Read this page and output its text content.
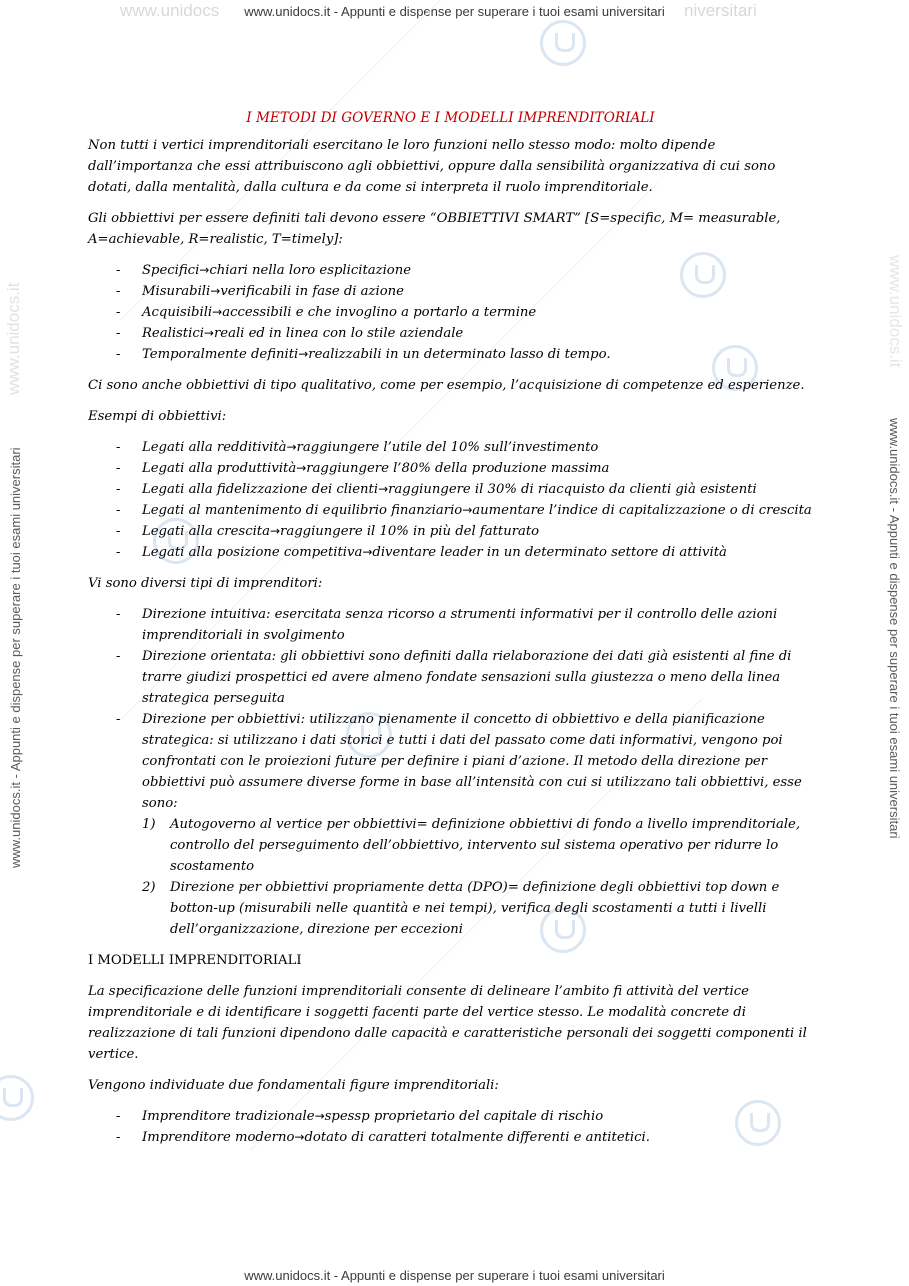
www.unidocs www.unidocs.it - Appunti e dispense per superare i tuoi esami universitari niversitari
www.unidocs.it - Appunti e dispense per superare i tuoi esami universitari
www.unidocs.it - Appunti e dispense per superare i tuoi esami universitari	www.unidocs.it - Appunti e dispense per superare i tuoi esami universitari
www.unidocs.it	www.unidocs.it
I METODI DI GOVERNO E I MODELLI IMPRENDITORIALI

Non tutti i vertici imprenditoriali esercitano le loro funzioni nello stesso modo: molto dipende dall’importanza che essi attribuiscono agli obbiettivi, oppure dalla sensibilità organizzativa di cui sono dotati, dalla mentalità, dalla cultura e da come si interpreta il ruolo imprenditoriale.

Gli obbiettivi per essere definiti tali devono essere “OBBIETTIVI SMART” [S=specific, M= measurable, A=achievable, R=realistic, T=timely]:

- Specifici→chiari nella loro esplicitazione
- Misurabili→verificabili in fase di azione
- Acquisibili→accessibili e che invoglino a portarlo a termine
- Realistici→reali ed in linea con lo stile aziendale
- Temporalmente definiti→realizzabili in un determinato lasso di tempo.

Ci sono anche obbiettivi di tipo qualitativo, come per esempio, l’acquisizione di competenze ed esperienze.

Esempi di obbiettivi:

- Legati alla redditività→raggiungere l’utile del 10% sull’investimento
- Legati alla produttività→raggiungere l’80% della produzione massima
- Legati alla fidelizzazione dei clienti→raggiungere il 30% di riacquisto da clienti già esistenti
- Legati al mantenimento di equilibrio finanziario→aumentare l’indice di capitalizzazione o di crescita
- Legati alla crescita→raggiungere il 10% in più del fatturato
- Legati alla posizione competitiva→diventare leader in un determinato settore di attività

Vi sono diversi tipi di imprenditori:

- Direzione intuitiva: esercitata senza ricorso a strumenti informativi per il controllo delle azioni imprenditoriali in svolgimento
- Direzione orientata: gli obbiettivi sono definiti dalla rielaborazione dei dati già esistenti al fine di trarre giudizi prospettici ed avere almeno fondate sensazioni sulla giustezza o meno della linea strategica perseguita
- Direzione per obbiettivi: utilizzano pienamente il concetto di obbiettivo e della pianificazione strategica: si utilizzano i dati storici e tutti i dati del passato come dati informativi, vengono poi confrontati con le proiezioni future per definire i piani d’azione. Il metodo della direzione per obbiettivi può assumere diverse forme in base all’intensità con cui si utilizzano tali obbiettivi, esse sono:
1) Autogoverno al vertice per obbiettivi= definizione obbiettivi di fondo a livello imprenditoriale, controllo del perseguimento dell’obbiettivo, intervento sul sistema operativo per ridurre lo scostamento
2) Direzione per obbiettivi propriamente detta (DPO)= definizione degli obbiettivi top down e botton-up (misurabili nelle quantità e nei tempi), verifica degli scostamenti a tutti i livelli dell’organizzazione, direzione per eccezioni
I MODELLI IMPRENDITORIALI

La specificazione delle funzioni imprenditoriali consente di delineare l’ambito fi attività del vertice imprenditoriale e di identificare i soggetti facenti parte del vertice stesso. Le modalità concrete di realizzazione di tali funzioni dipendono dalle capacità e caratteristiche personali dei soggetti componenti il vertice.

Vengono individuate due fondamentali figure imprenditoriali:

- Imprenditore tradizionale→spessp proprietario del capitale di rischio
- Imprenditore moderno→dotato di caratteri totalmente differenti e antitetici.
